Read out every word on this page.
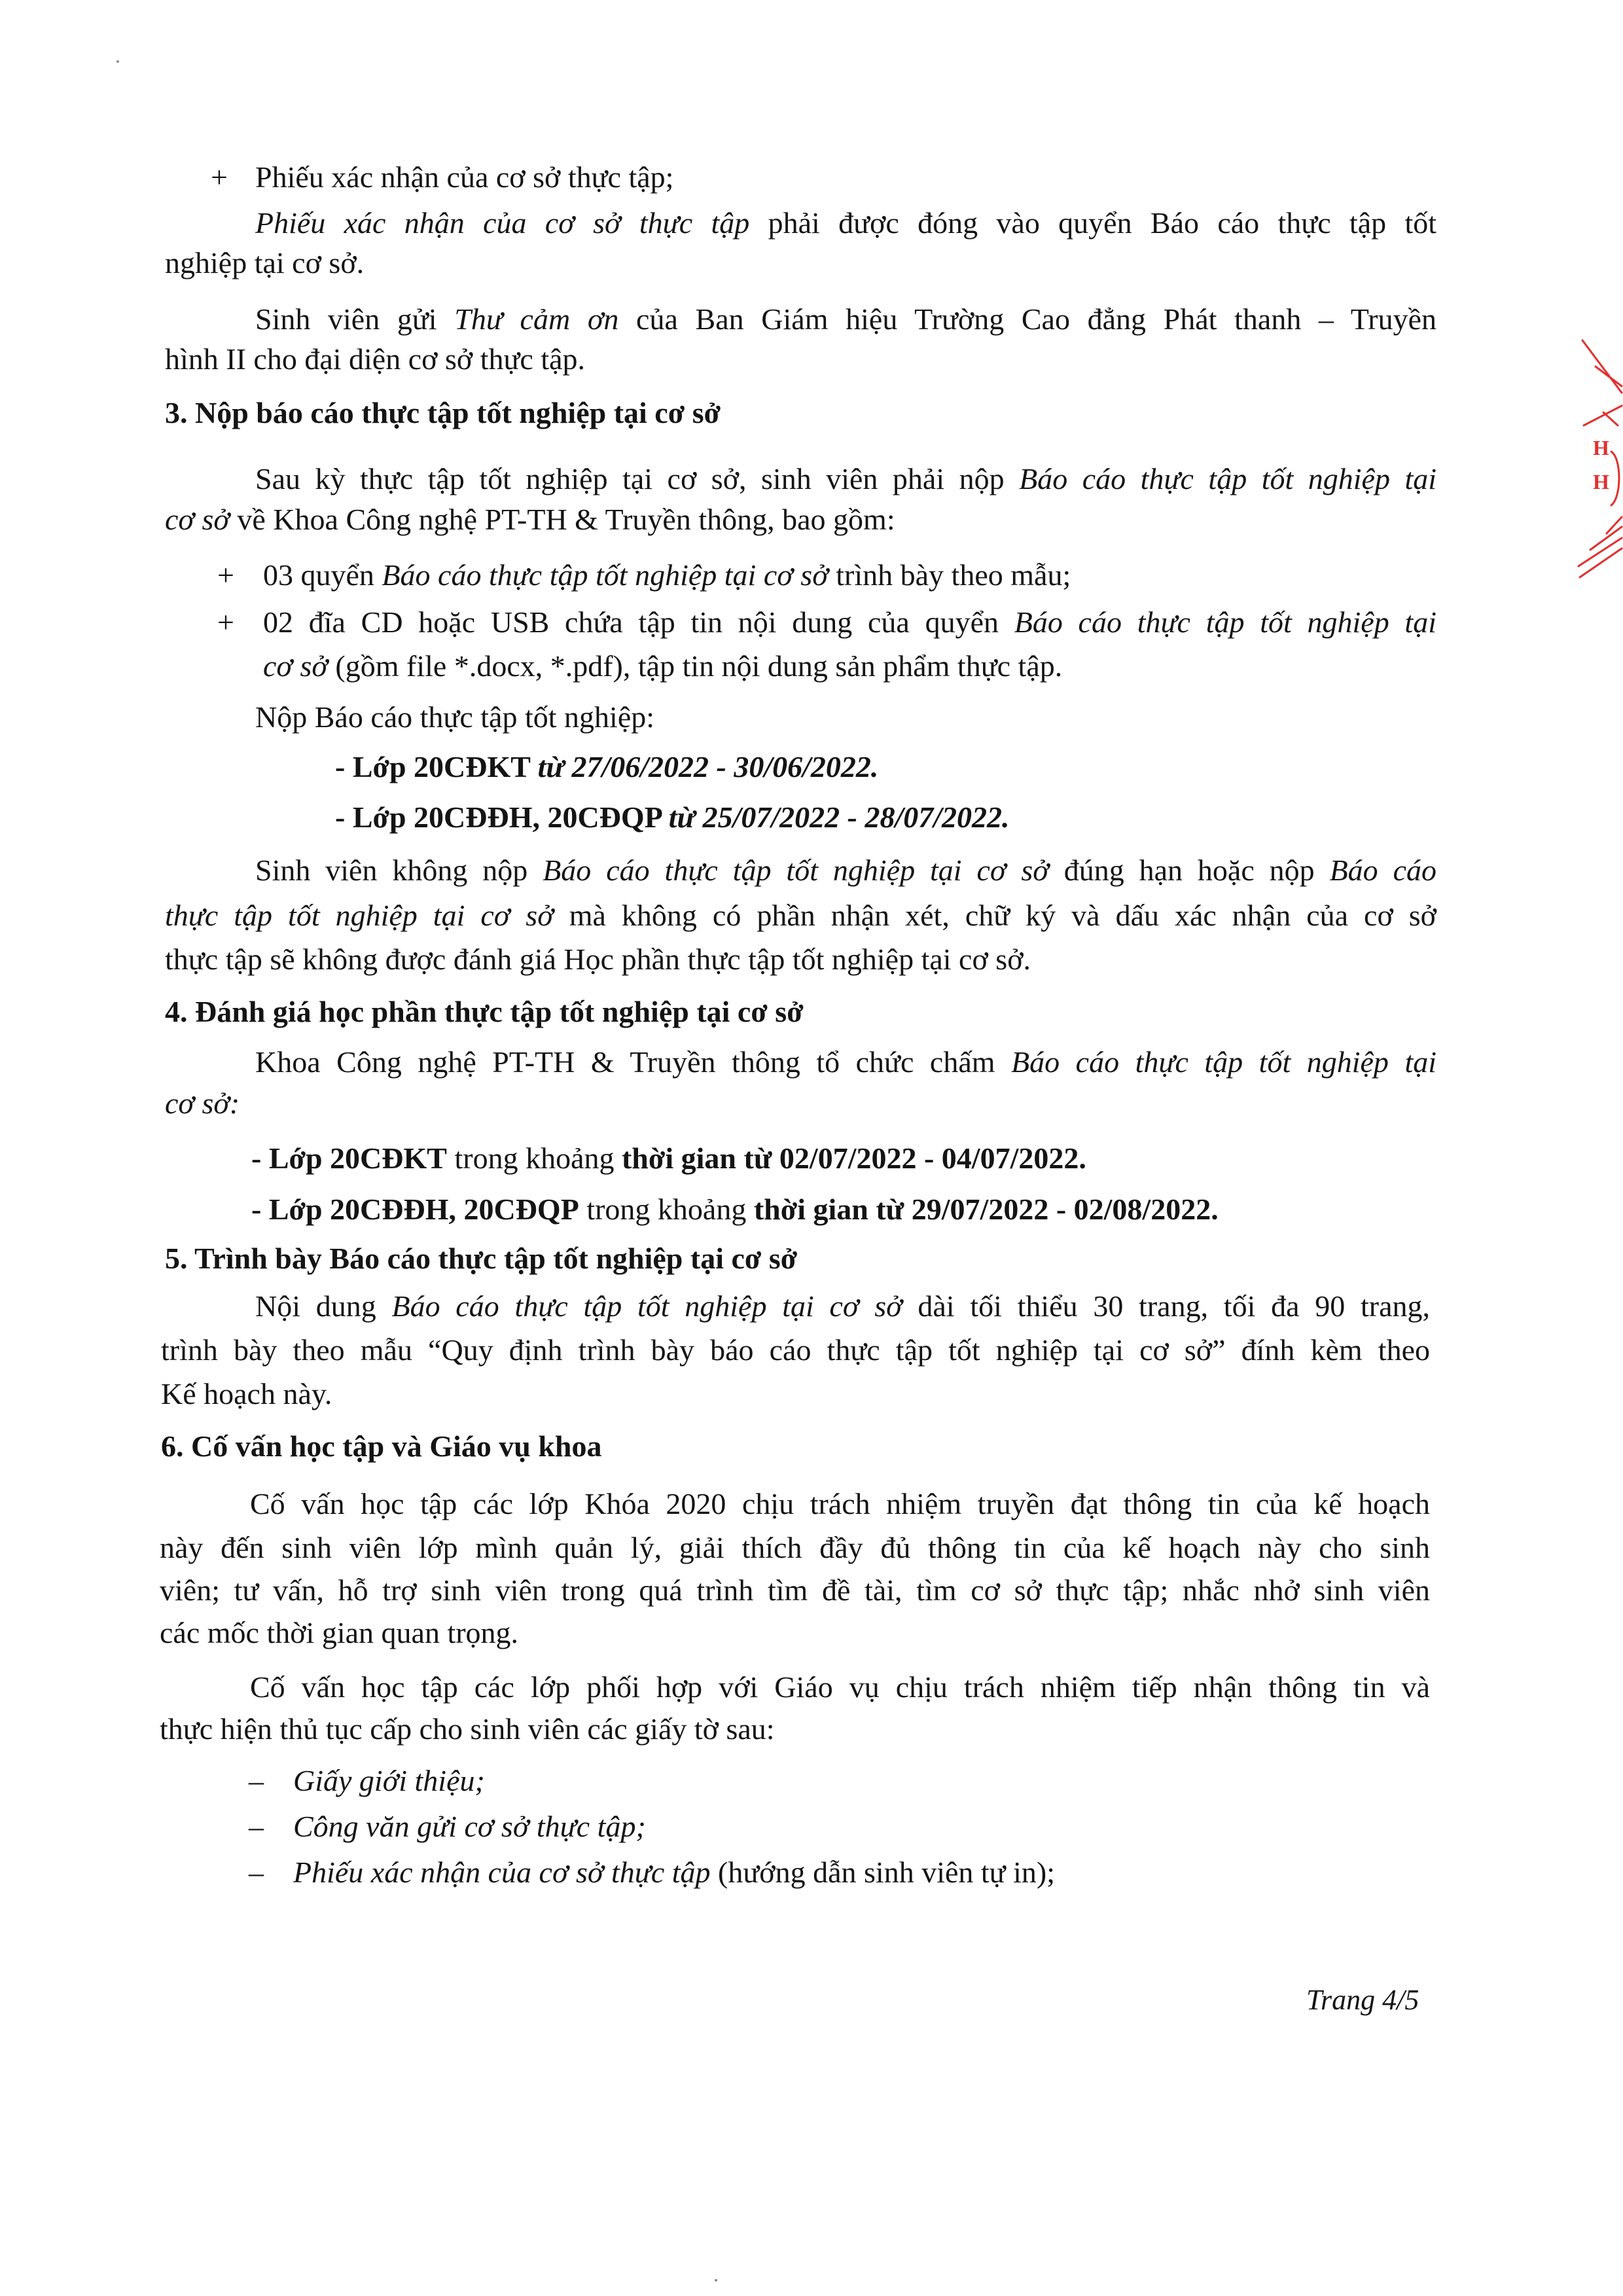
+ Phiếu xác nhận của cơ sở thực tập;
Phiếu xác nhận của cơ sở thực tập phải được đóng vào quyển Báo cáo thực tập tốt
nghiệp tại cơ sở.
Sinh viên gửi Thư cảm ơn của Ban Giám hiệu Trường Cao đẳng Phát thanh – Truyền
hình II cho đại diện cơ sở thực tập.
3. Nộp báo cáo thực tập tốt nghiệp tại cơ sở
Sau kỳ thực tập tốt nghiệp tại cơ sở, sinh viên phải nộp Báo cáo thực tập tốt nghiệp tại
cơ sở về Khoa Công nghệ PT-TH & Truyền thông, bao gồm:
+ 03 quyển Báo cáo thực tập tốt nghiệp tại cơ sở trình bày theo mẫu;
+ 02 đĩa CD hoặc USB chứa tập tin nội dung của quyển Báo cáo thực tập tốt nghiệp tại
cơ sở (gồm file *.docx, *.pdf), tập tin nội dung sản phẩm thực tập.
Nộp Báo cáo thực tập tốt nghiệp:
- Lớp 20CĐKT từ 27/06/2022 - 30/06/2022.
- Lớp 20CĐĐH, 20CĐQP từ 25/07/2022 - 28/07/2022.
Sinh viên không nộp Báo cáo thực tập tốt nghiệp tại cơ sở đúng hạn hoặc nộp Báo cáo
thực tập tốt nghiệp tại cơ sở mà không có phần nhận xét, chữ ký và dấu xác nhận của cơ sở
thực tập sẽ không được đánh giá Học phần thực tập tốt nghiệp tại cơ sở.
4. Đánh giá học phần thực tập tốt nghiệp tại cơ sở
Khoa Công nghệ PT-TH & Truyền thông tổ chức chấm Báo cáo thực tập tốt nghiệp tại
cơ sở:
- Lớp 20CĐKT trong khoảng thời gian từ 02/07/2022 - 04/07/2022.
- Lớp 20CĐĐH, 20CĐQP trong khoảng thời gian từ 29/07/2022 - 02/08/2022.
5. Trình bày Báo cáo thực tập tốt nghiệp tại cơ sở
Nội dung Báo cáo thực tập tốt nghiệp tại cơ sở dài tối thiểu 30 trang, tối đa 90 trang,
trình bày theo mẫu “Quy định trình bày báo cáo thực tập tốt nghiệp tại cơ sở” đính kèm theo
Kế hoạch này.
6. Cố vấn học tập và Giáo vụ khoa
Cố vấn học tập các lớp Khóa 2020 chịu trách nhiệm truyền đạt thông tin của kế hoạch
này đến sinh viên lớp mình quản lý, giải thích đầy đủ thông tin của kế hoạch này cho sinh
viên; tư vấn, hỗ trợ sinh viên trong quá trình tìm đề tài, tìm cơ sở thực tập; nhắc nhở sinh viên
các mốc thời gian quan trọng.
Cố vấn học tập các lớp phối hợp với Giáo vụ chịu trách nhiệm tiếp nhận thông tin và
thực hiện thủ tục cấp cho sinh viên các giấy tờ sau:
– Giấy giới thiệu;
– Công văn gửi cơ sở thực tập;
– Phiếu xác nhận của cơ sở thực tập (hướng dẫn sinh viên tự in);
Trang 4/5
H
H
